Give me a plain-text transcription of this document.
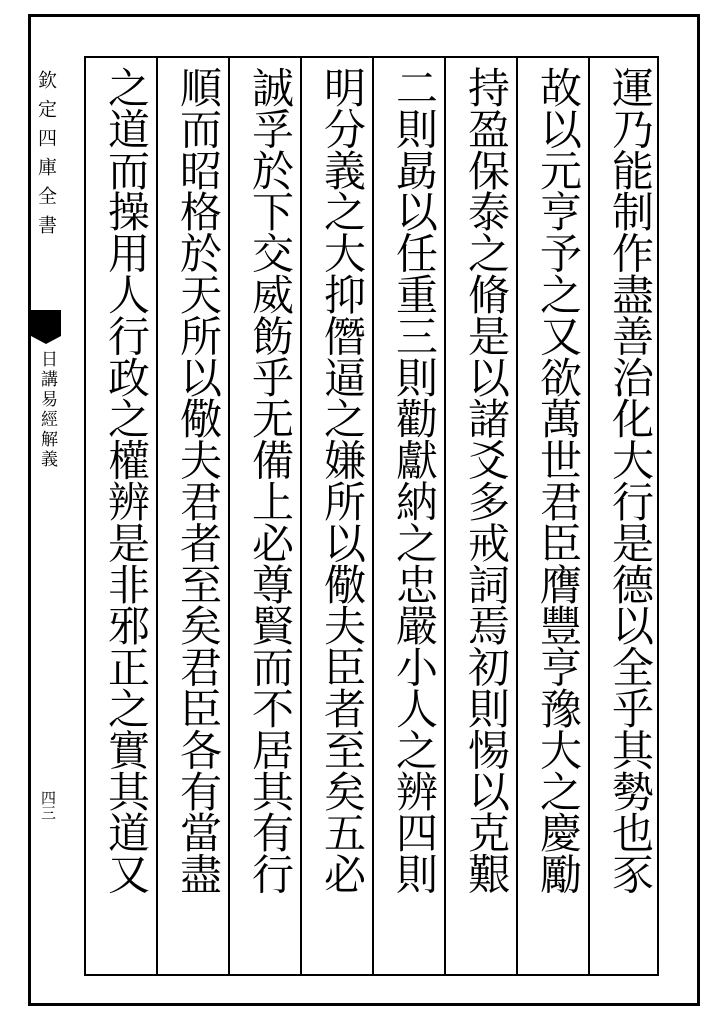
欽定四庫全書
日講易經解義
四三	運乃能制作盡善治化大行是德以全乎其勢也豕
故以元亨予之又欲萬世君臣膺豐亨豫大之慶勵
持盈保泰之脩是以諸爻多戒詞焉初則惕以克艱
二則勗以任重三則勸獻納之忠嚴小人之辨四則
明分義之大抑僭逼之嫌所以儆夫臣者至矣五必
誠孚於下交威飭乎无備上必尊賢而不居其有行
順而昭格於天所以儆夫君者至矣君臣各有當盡
之道而操用人行政之權辨是非邪正之實其道又
